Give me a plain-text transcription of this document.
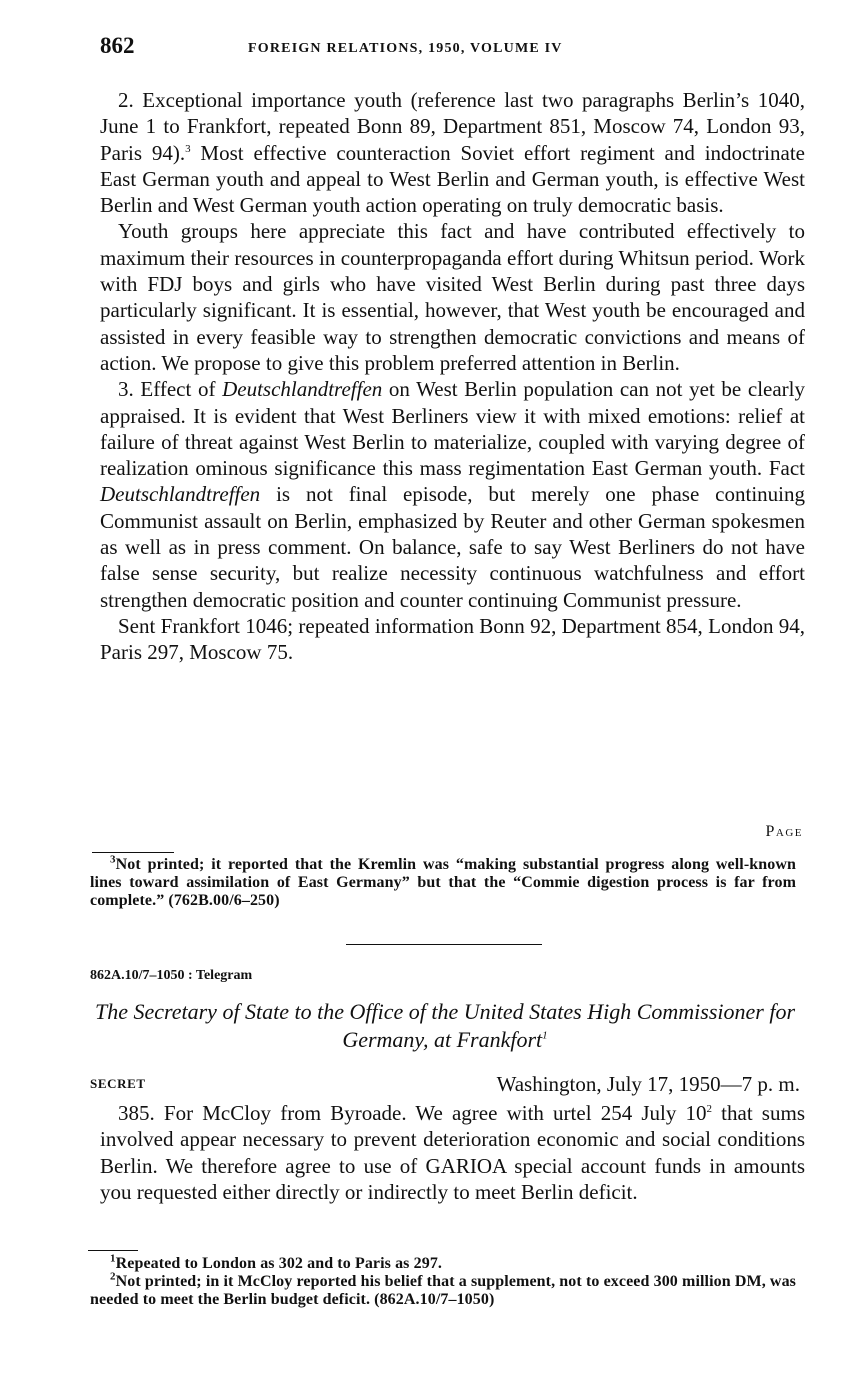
862	FOREIGN RELATIONS, 1950, VOLUME IV

2. Exceptional importance youth (reference last two paragraphs Berlin’s 1040, June 1 to Frankfort, repeated Bonn 89, Department 851, Moscow 74, London 93, Paris 94).$^3$ Most effective counteraction Soviet effort regiment and indoctrinate East German youth and appeal to West Berlin and German youth, is effective West Berlin and West German youth action operating on truly democratic basis.

Youth groups here appreciate this fact and have contributed effectively to maximum their resources in counterpropaganda effort during Whitsun period. Work with FDJ boys and girls who have visited West Berlin during past three days particularly significant. It is essential, however, that West youth be encouraged and assisted in every feasible way to strengthen democratic convictions and means of action. We propose to give this problem preferred attention in Berlin.

3. Effect of Deutschlandtreffen on West Berlin population can not yet be clearly appraised. It is evident that West Berliners view it with mixed emotions: relief at failure of threat against West Berlin to materialize, coupled with varying degree of realization ominous significance this mass regimentation East German youth. Fact Deutschlandtreffen is not final episode, but merely one phase continuing Communist assault on Berlin, emphasized by Reuter and other German spokesmen as well as in press comment. On balance, safe to say West Berliners do not have false sense security, but realize necessity continuous watchfulness and effort strengthen democratic position and counter continuing Communist pressure.

Sent Frankfort 1046; repeated information Bonn 92, Department 854, London 94, Paris 297, Moscow 75.

Page

$^3$Not printed; it reported that the Kremlin was “making substantial progress along well-known lines toward assimilation of East Germany” but that the “Commie digestion process is far from complete.” (762B.00/6–250)

862A.10/7–1050 : Telegram
The Secretary of State to the Office of the United States High Commissioner for Germany, at Frankfort$^1$
SECRET	Washington, July 17, 1950—7 p. m.

385. For McCloy from Byroade. We agree with urtel 254 July $10^2$ that sums involved appear necessary to prevent deterioration economic and social conditions Berlin. We therefore agree to use of GARIOA special account funds in amounts you requested either directly or indirectly to meet Berlin deficit.

$^1$Repeated to London as 302 and to Paris as 297.

$^2$Not printed; in it McCloy reported his belief that a supplement, not to exceed 300 million DM, was needed to meet the Berlin budget deficit. (862A.10/7–1050)
